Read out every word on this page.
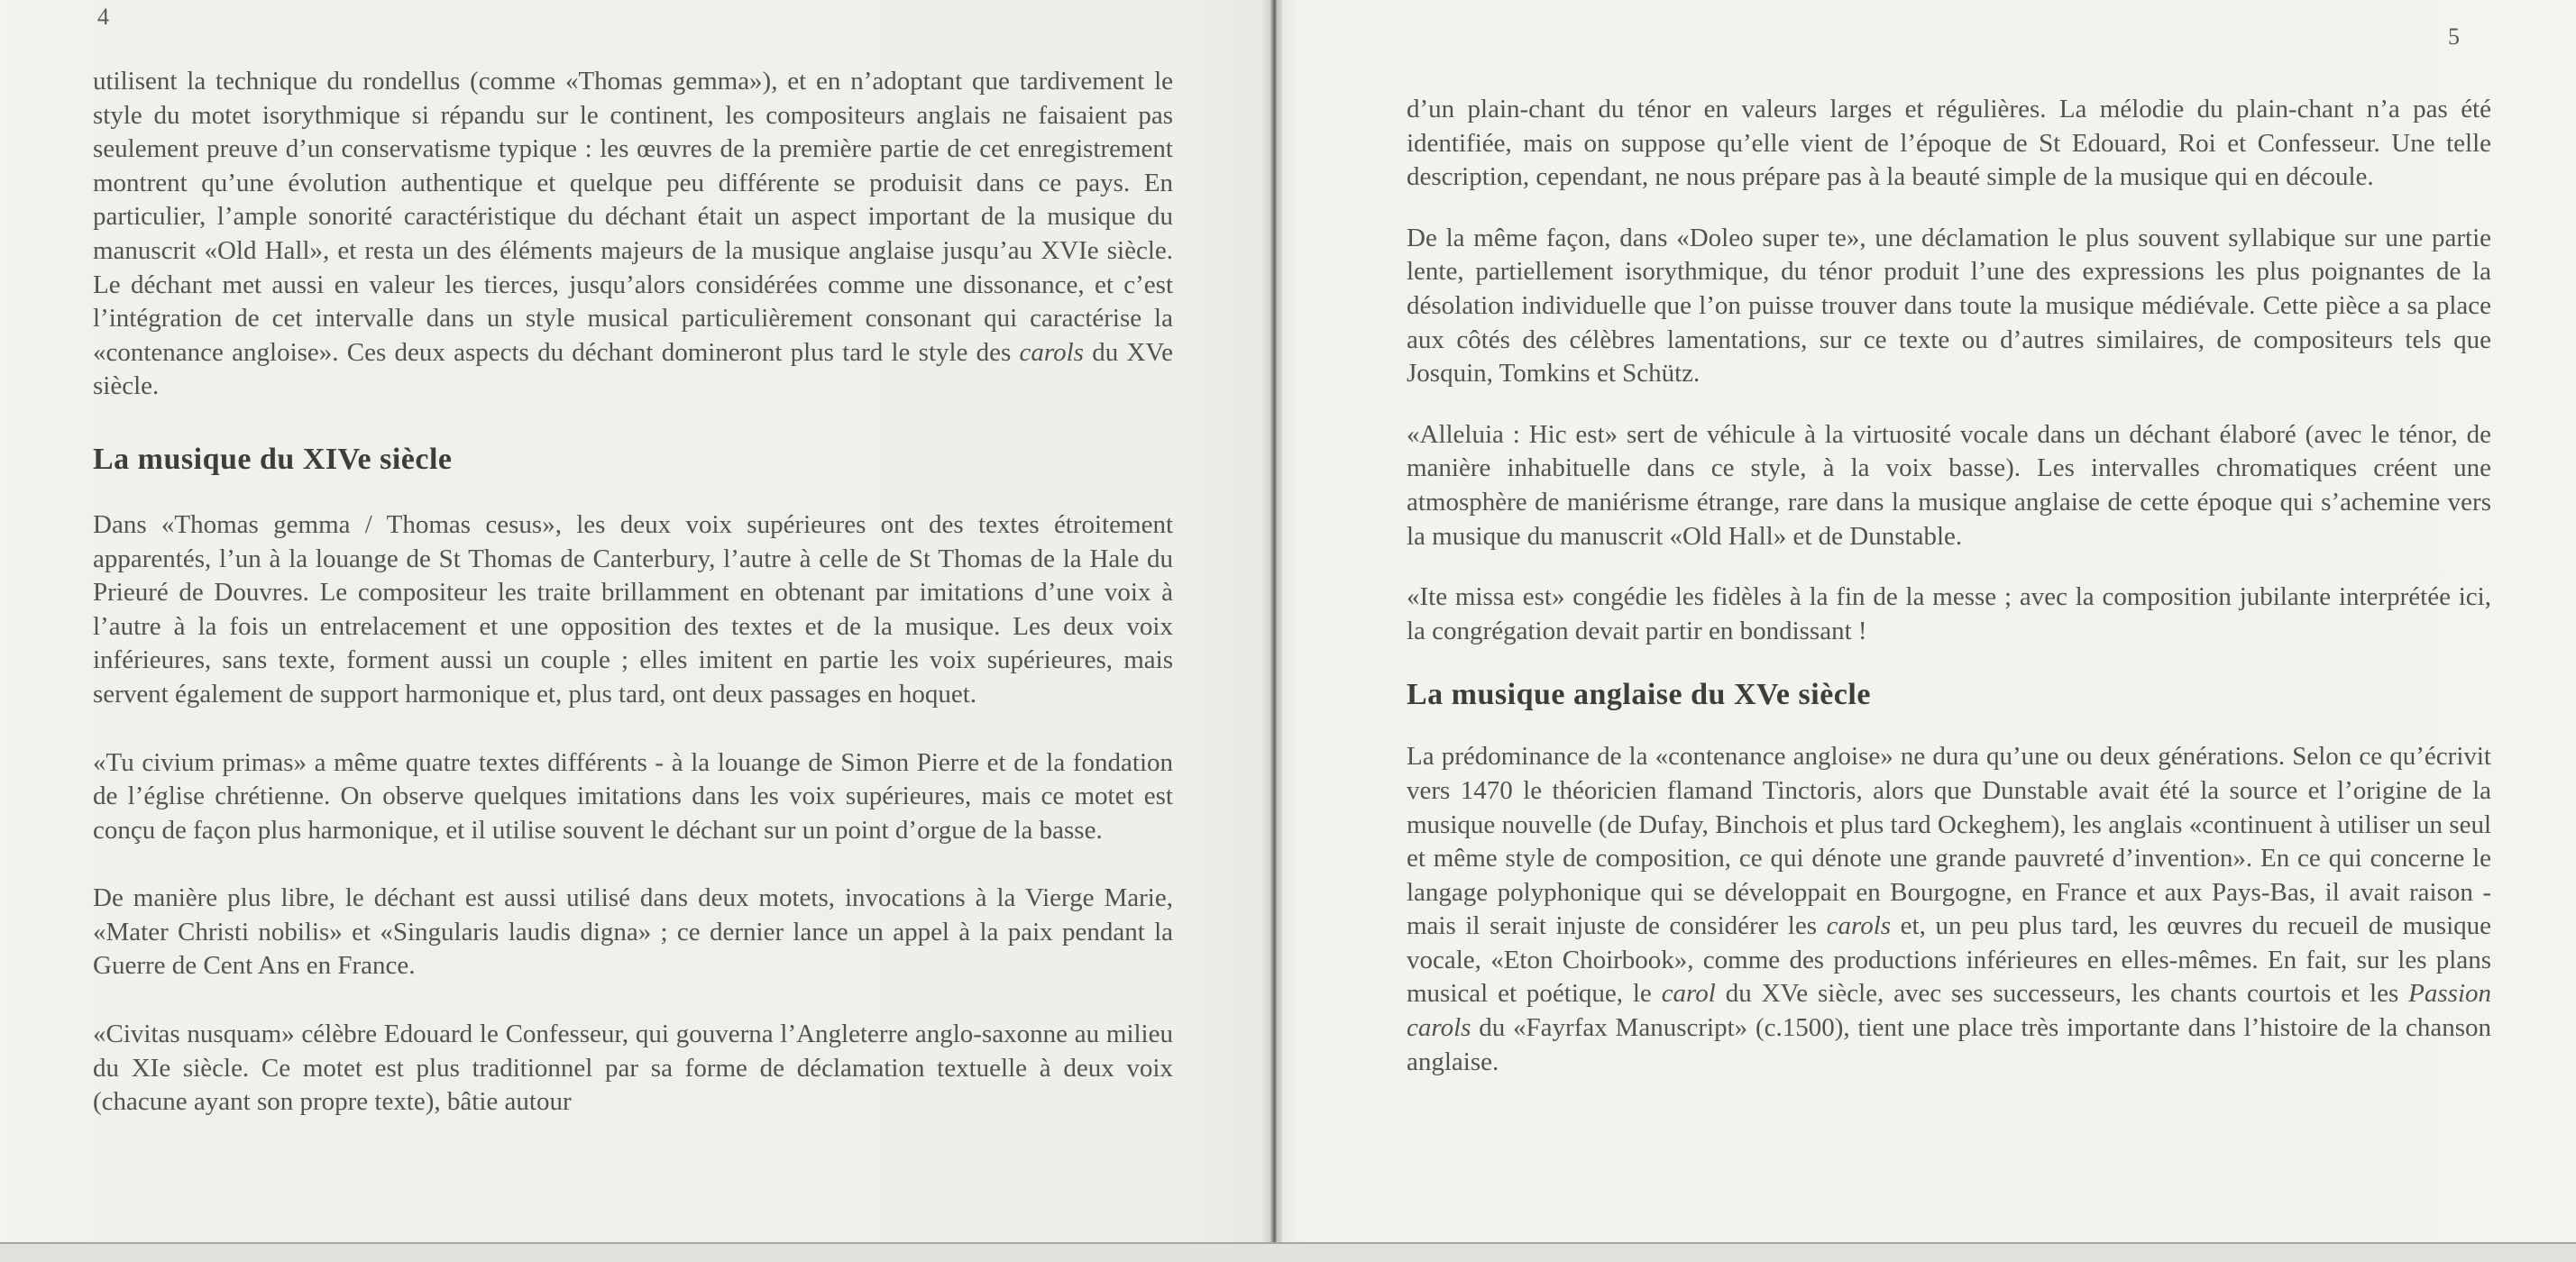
4

utilisent la technique du rondellus (comme «Thomas gemma»), et en n’adoptant que tardivement le style du motet isorythmique si répandu sur le continent, les compositeurs anglais ne faisaient pas seulement preuve d’un conservatisme typique : les œuvres de la première partie de cet enregistrement montrent qu’une évolution authentique et quelque peu différente se produisit dans ce pays. En particulier, l’ample sonorité caractéristique du déchant était un aspect important de la musique du manuscrit «Old Hall», et resta un des éléments majeurs de la musique anglaise jusqu’au XVIe siècle. Le déchant met aussi en valeur les tierces, jusqu’alors considérées comme une dissonance, et c’est l’intégration de cet intervalle dans un style musical particulièrement consonant qui caractérise la «contenance angloise». Ces deux aspects du déchant domineront plus tard le style des carols du XVe siècle.

La musique du XIVe siècle

Dans «Thomas gemma / Thomas cesus», les deux voix supérieures ont des textes étroitement apparentés, l’un à la louange de St Thomas de Canterbury, l’autre à celle de St Thomas de la Hale du Prieuré de Douvres. Le compositeur les traite brillamment en obtenant par imitations d’une voix à l’autre à la fois un entrelacement et une opposition des textes et de la musique. Les deux voix inférieures, sans texte, forment aussi un couple ; elles imitent en partie les voix supérieures, mais servent également de support harmonique et, plus tard, ont deux passages en hoquet.

«Tu civium primas» a même quatre textes différents - à la louange de Simon Pierre et de la fondation de l’église chrétienne. On observe quelques imitations dans les voix supérieures, mais ce motet est conçu de façon plus harmonique, et il utilise souvent le déchant sur un point d’orgue de la basse.

De manière plus libre, le déchant est aussi utilisé dans deux motets, invocations à la Vierge Marie, «Mater Christi nobilis» et «Singularis laudis digna» ; ce dernier lance un appel à la paix pendant la Guerre de Cent Ans en France.

«Civitas nusquam» célèbre Edouard le Confesseur, qui gouverna l’Angleterre anglo-saxonne au milieu du XIe siècle. Ce motet est plus traditionnel par sa forme de déclamation textuelle à deux voix (chacune ayant son propre texte), bâtie autour

5

d’un plain-chant du ténor en valeurs larges et régulières. La mélodie du plain-chant n’a pas été identifiée, mais on suppose qu’elle vient de l’époque de St Edouard, Roi et Confesseur. Une telle description, cependant, ne nous prépare pas à la beauté simple de la musique qui en découle.

De la même façon, dans «Doleo super te», une déclamation le plus souvent syllabique sur une partie lente, partiellement isorythmique, du ténor produit l’une des expressions les plus poignantes de la désolation individuelle que l’on puisse trouver dans toute la musique médiévale. Cette pièce a sa place aux côtés des célèbres lamentations, sur ce texte ou d’autres similaires, de compositeurs tels que Josquin, Tomkins et Schütz.

«Alleluia : Hic est» sert de véhicule à la virtuosité vocale dans un déchant élaboré (avec le ténor, de manière inhabituelle dans ce style, à la voix basse). Les intervalles chromatiques créent une atmosphère de maniérisme étrange, rare dans la musique anglaise de cette époque qui s’achemine vers la musique du manuscrit «Old Hall» et de Dunstable.

«Ite missa est» congédie les fidèles à la fin de la messe ; avec la composition jubilante interprétée ici, la congrégation devait partir en bondissant !

La musique anglaise du XVe siècle

La prédominance de la «contenance angloise» ne dura qu’une ou deux générations. Selon ce qu’écrivit vers 1470 le théoricien flamand Tinctoris, alors que Dunstable avait été la source et l’origine de la musique nouvelle (de Dufay, Binchois et plus tard Ockeghem), les anglais «continuent à utiliser un seul et même style de composition, ce qui dénote une grande pauvreté d’invention». En ce qui concerne le langage polyphonique qui se développait en Bourgogne, en France et aux Pays-Bas, il avait raison - mais il serait injuste de considérer les carols et, un peu plus tard, les œuvres du recueil de musique vocale, «Eton Choirbook», comme des productions inférieures en elles-mêmes. En fait, sur les plans musical et poétique, le carol du XVe siècle, avec ses successeurs, les chants courtois et les Passion carols du «Fayrfax Manuscript» (c.1500), tient une place très importante dans l’histoire de la chanson anglaise.
